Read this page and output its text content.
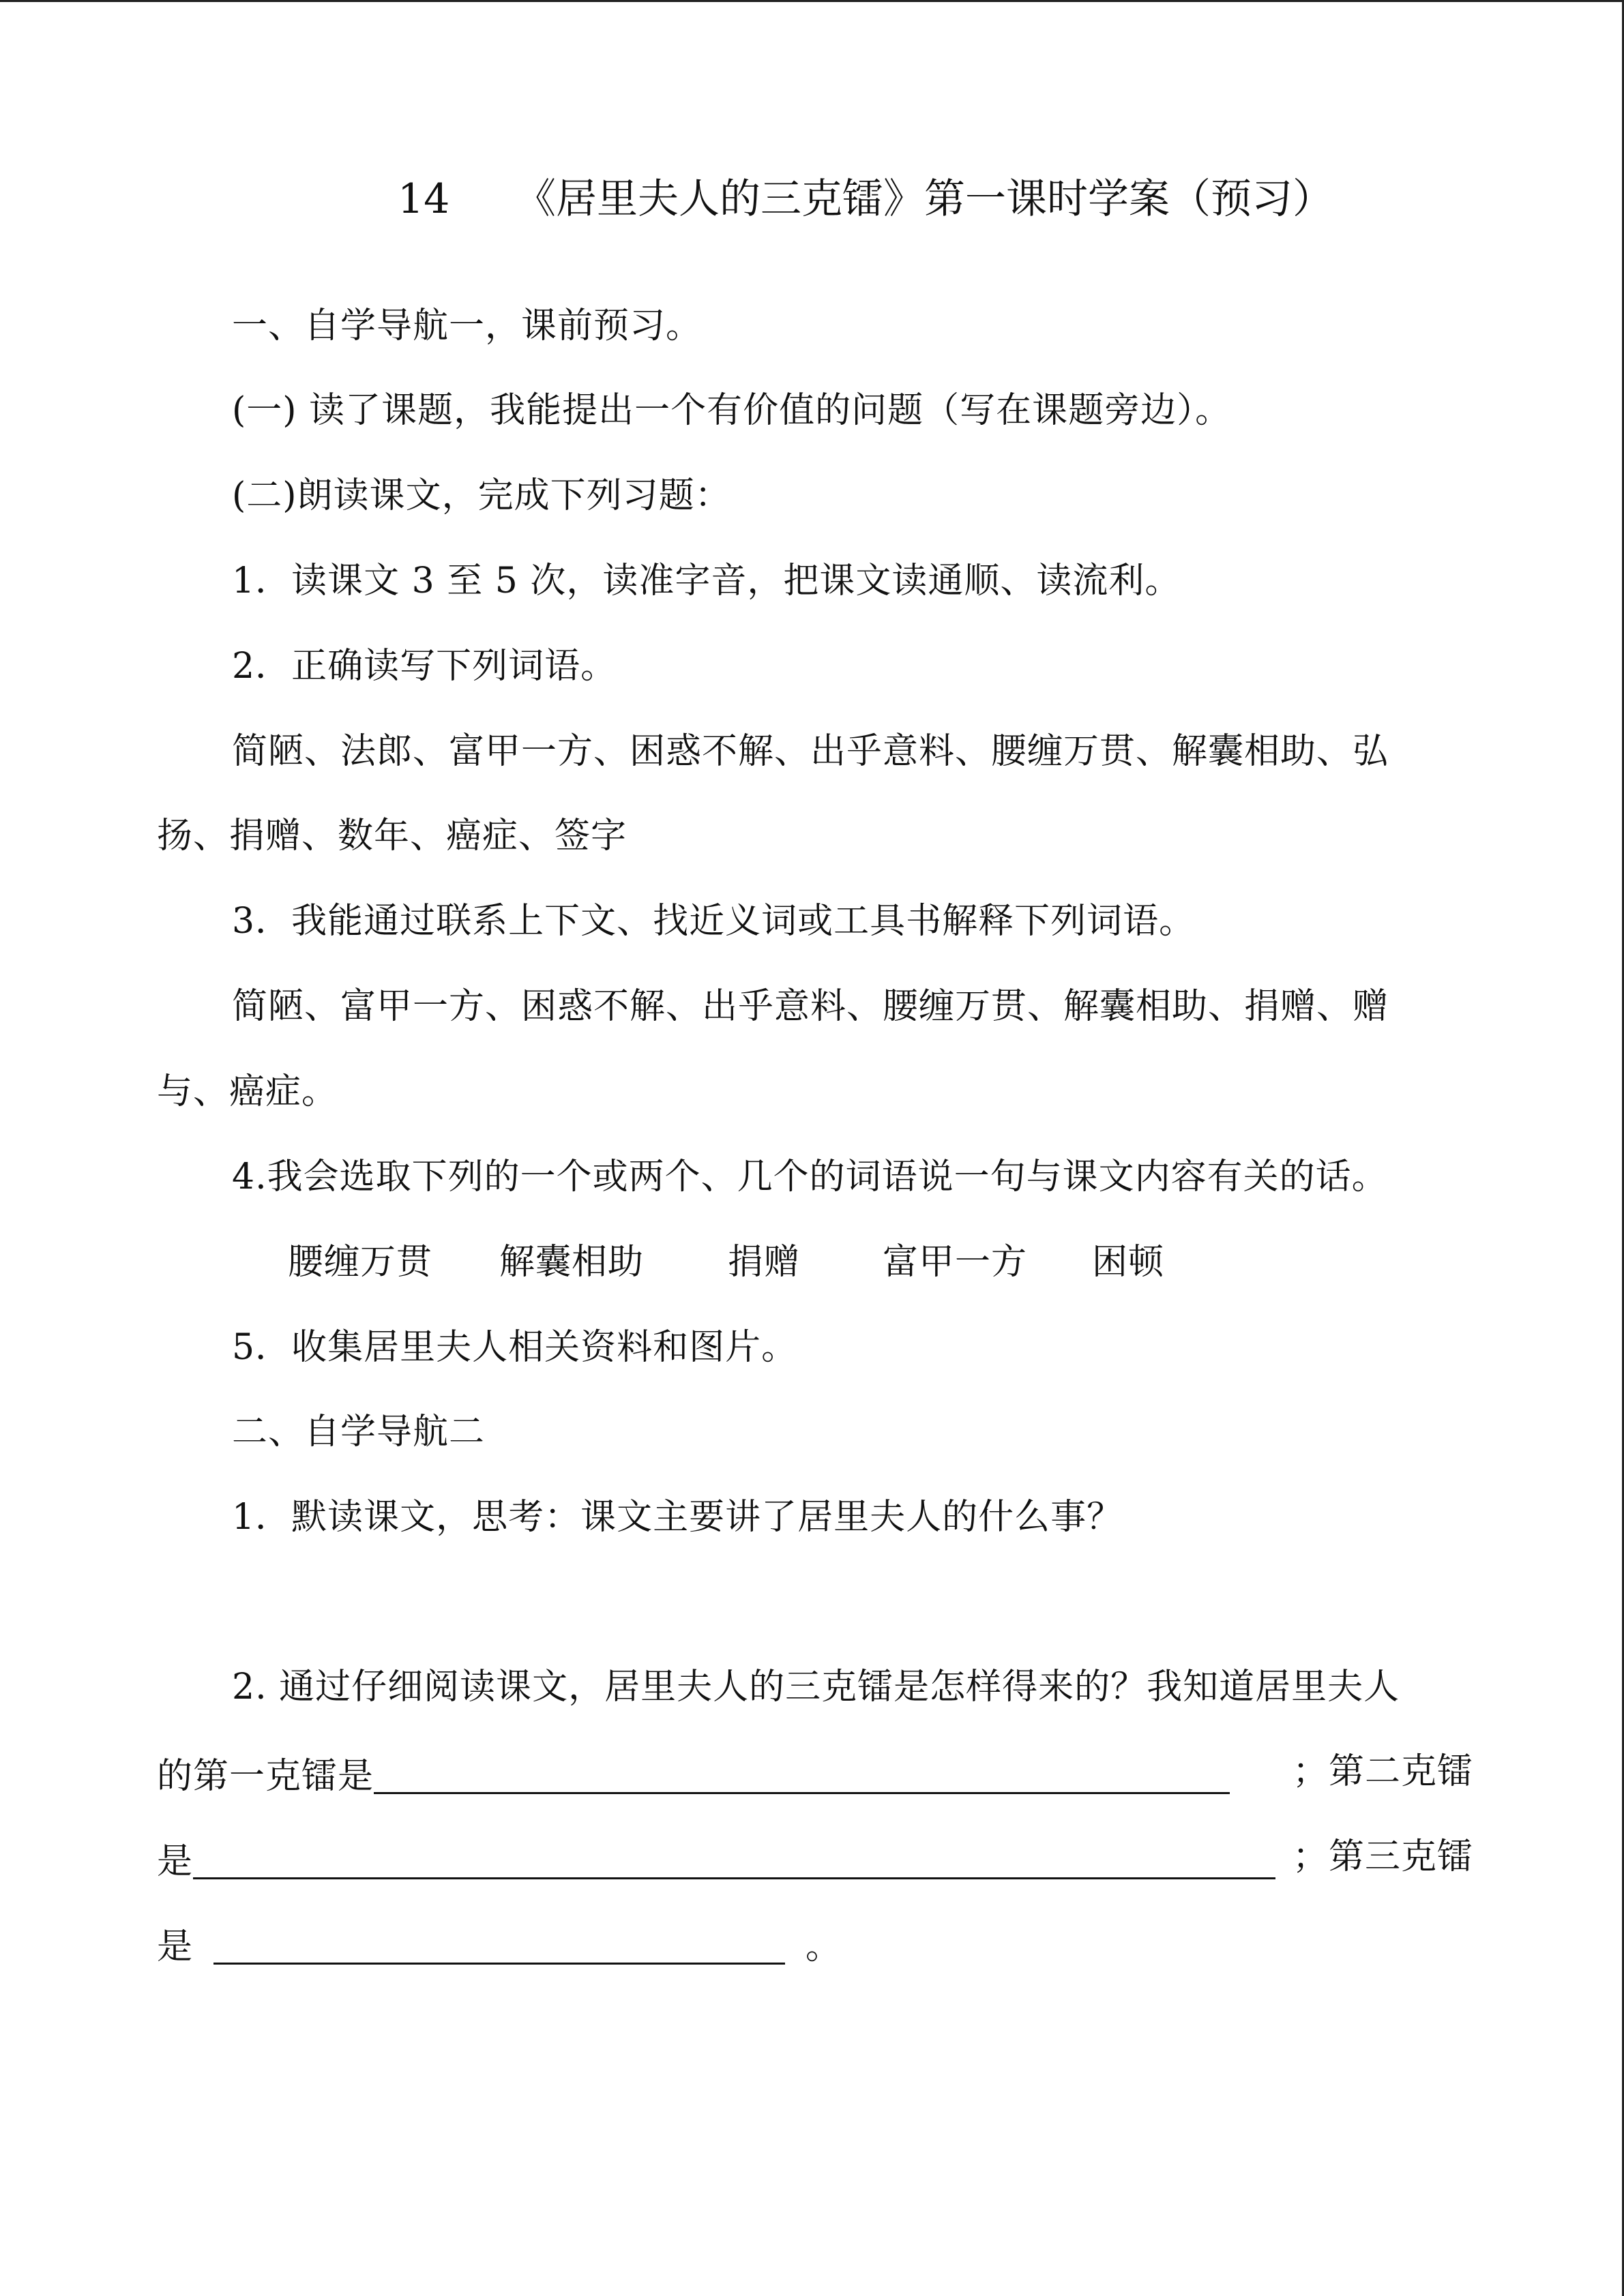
14 《居里夫人的三克镭》第一课时学案（预习）
一、自学导航一，课前预习。
(一) 读了课题，我能提出一个有价值的问题（写在课题旁边）。
(二)朗读课文，完成下列习题：
1．读课文 3 至 5 次，读准字音，把课文读通顺、读流利。
2．正确读写下列词语。
简陋、法郎、富甲一方、困惑不解、出乎意料、腰缠万贯、解囊相助、弘
扬、捐赠、数年、癌症、签字
3．我能通过联系上下文、找近义词或工具书解释下列词语。
简陋、富甲一方、困惑不解、出乎意料、腰缠万贯、解囊相助、捐赠、赠
与、癌症。
4.我会选取下列的一个或两个、几个的词语说一句与课文内容有关的话。
腰缠万贯 解囊相助 捐赠 富甲一方 困顿
5．收集居里夫人相关资料和图片。
二、自学导航二
1．默读课文，思考：课文主要讲了居里夫人的什么事？
2. 通过仔细阅读课文，居里夫人的三克镭是怎样得来的？我知道居里夫人
的第一克镭是	；第二克镭
是	；第三克镭
是	。
